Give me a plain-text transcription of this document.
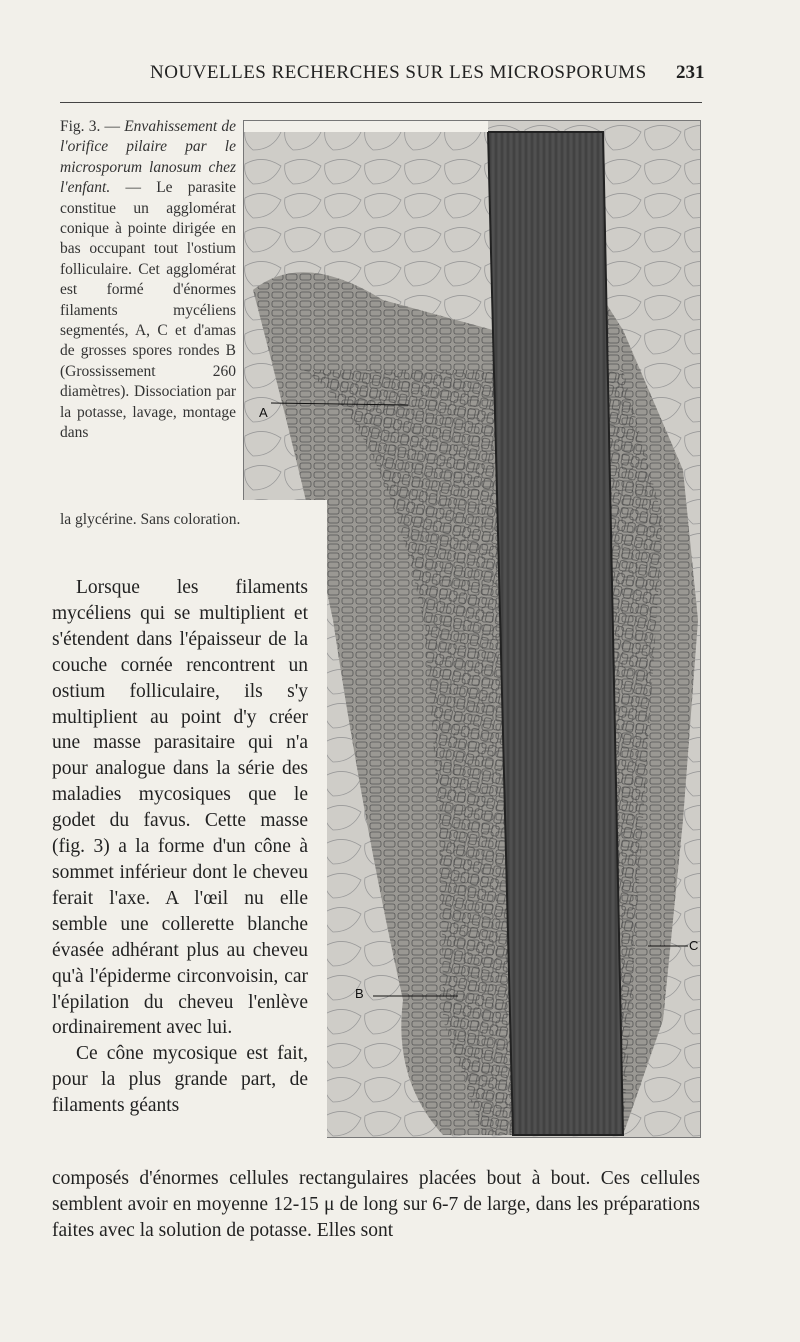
NOUVELLES RECHERCHES SUR LES MICROSPORUMS 231
A
B
C
Fig. 3. — Envahissement de l'orifice pilaire par le microsporum lanosum chez l'enfant. — Le parasite constitue un agglomérat conique à pointe dirigée en bas occupant tout l'ostium folliculaire. Cet agglomérat est formé d'énormes filaments mycéliens segmentés, A, C et d'amas de grosses spores rondes B (Grossissement 260 diamètres). Dissociation par la potasse, lavage, montage dans
la glycérine. Sans coloration.

Lorsque les filaments mycéliens qui se multiplient et s'étendent dans l'épaisseur de la couche cornée rencontrent un ostium folliculaire, ils s'y multiplient au point d'y créer une masse parasitaire qui n'a pour analogue dans la série des maladies mycosiques que le godet du favus. Cette masse (fig. 3) a la forme d'un cône à sommet inférieur dont le cheveu ferait l'axe. A l'œil nu elle semble une collerette blanche évasée adhérant plus au cheveu qu'à l'épiderme circonvoisin, car l'épilation du cheveu l'enlève ordinairement avec lui.

Ce cône mycosique est fait, pour la plus grande part, de filaments géants

composés d'énormes cellules rectangulaires placées bout à bout. Ces cellules semblent avoir en moyenne 12-15 μ de long sur 6-7 de large, dans les préparations faites avec la solution de potasse. Elles sont
